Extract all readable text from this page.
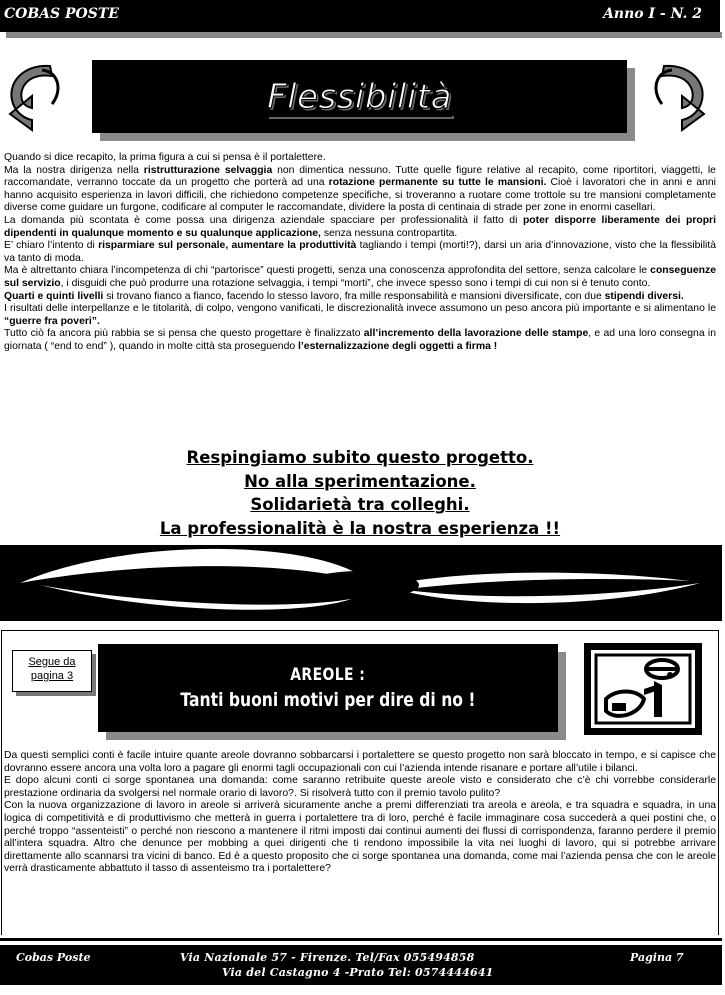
COBAS POSTE	Anno I - N. 2
Flessibilità

Quando si dice recapito, la prima figura a cui si pensa è il portalettere.

Ma la nostra dirigenza nella ristrutturazione selvaggia non dimentica nessuno. Tutte quelle figure relative al recapito, come riportitori, viaggetti, le raccomandate, verranno toccate da un progetto che porterà ad una rotazione permanente su tutte le mansioni. Cioè i lavoratori che in anni e anni hanno acquisito esperienza in lavori difficili, che richiedono competenze specifiche, si troveranno a ruotare come trottole su tre mansioni completamente diverse come guidare un furgone, codificare al computer le raccomandate, dividere la posta di centinaia di strade per zone in enormi casellari.

La domanda più scontata è come possa una dirigenza aziendale spacciare per professionalità il fatto di poter disporre liberamente dei propri dipendenti in qualunque momento e su qualunque applicazione, senza nessuna contropartita.

E’ chiaro l’intento di risparmiare sul personale, aumentare la produttività tagliando i tempi (morti!?), darsi un aria d’innovazione, visto che la flessibilità va tanto di moda.

Ma è altrettanto chiara l’incompetenza di chi “partorisce” questi progetti, senza una conoscenza approfondita del settore, senza calcolare le conseguenze sul servizio, i disguidi che può produrre una rotazione selvaggia, i tempi “morti”, che invece spesso sono i tempi di cui non si è tenuto conto.

Quarti e quinti livelli si trovano fianco a fianco, facendo lo stesso lavoro, fra mille responsabilità e mansioni diversificate, con due stipendi diversi.

I risultati delle interpellanze e le titolarità, di colpo, vengono vanificati, le discrezionalità invece assumono un peso ancora più importante e si alimentano le “guerre fra poveri”.

Tutto ciò fa ancora più rabbia se si pensa che questo progettare è finalizzato all’incremento della lavorazione delle stampe, e ad una loro consegna in giornata ( “end to end” ), quando in molte città sta proseguendo l’esternalizzazione degli oggetti a firma !

Respingiamo subito questo progetto.
No alla sperimentazione.
Solidarietà tra colleghi.
La professionalità è la nostra esperienza !!
Segue da pagina 3	AREOLE :
Tanti buoni motivi per dire di no !

Da questi semplici conti è facile intuire quante areole dovranno sobbarcarsi i portalettere se questo progetto non sarà bloccato in tempo, e si capisce che dovranno essere ancora una volta loro a pagare gli enormi tagli occupazionali con cui l’azienda intende risanare e portare all’utile i bilanci.

E dopo alcuni conti ci sorge spontanea una domanda: come saranno retribuite queste areole visto e considerato che c’è chi vorrebbe considerarle prestazione ordinaria da svolgersi nel normale orario di lavoro?. Si risolverà tutto con il premio tavolo pulito?

Con la nuova organizzazione di lavoro in areole si arriverà sicuramente anche a premi differenziati tra areola e areola, e tra squadra e squadra, in una logica di competitività e di produttivismo che metterà in guerra i portalettere tra di loro, perché è facile immaginare cosa succederà a quei postini che, o perché troppo “assenteisti” o perché non riescono a mantenere il ritmi imposti dai continui aumenti dei flussi di corrispondenza, faranno perdere il premio all’intera squadra. Altro che denunce per mobbing a quei dirigenti che ti rendono impossibile la vita nei luoghi di lavoro, qui si potrebbe arrivare direttamente allo scannarsi tra vicini di banco. Ed è a questo proposito che ci sorge spontanea una domanda, come mai l’azienda pensa che con le areole verrà drasticamente abbattuto il tasso di assenteismo tra i portalettere?

Cobas Poste	Via Nazionale 57 - Firenze. Tel/Fax 055494858
Via del Castagno 4 -Prato Tel: 0574444641
Pagina 7
